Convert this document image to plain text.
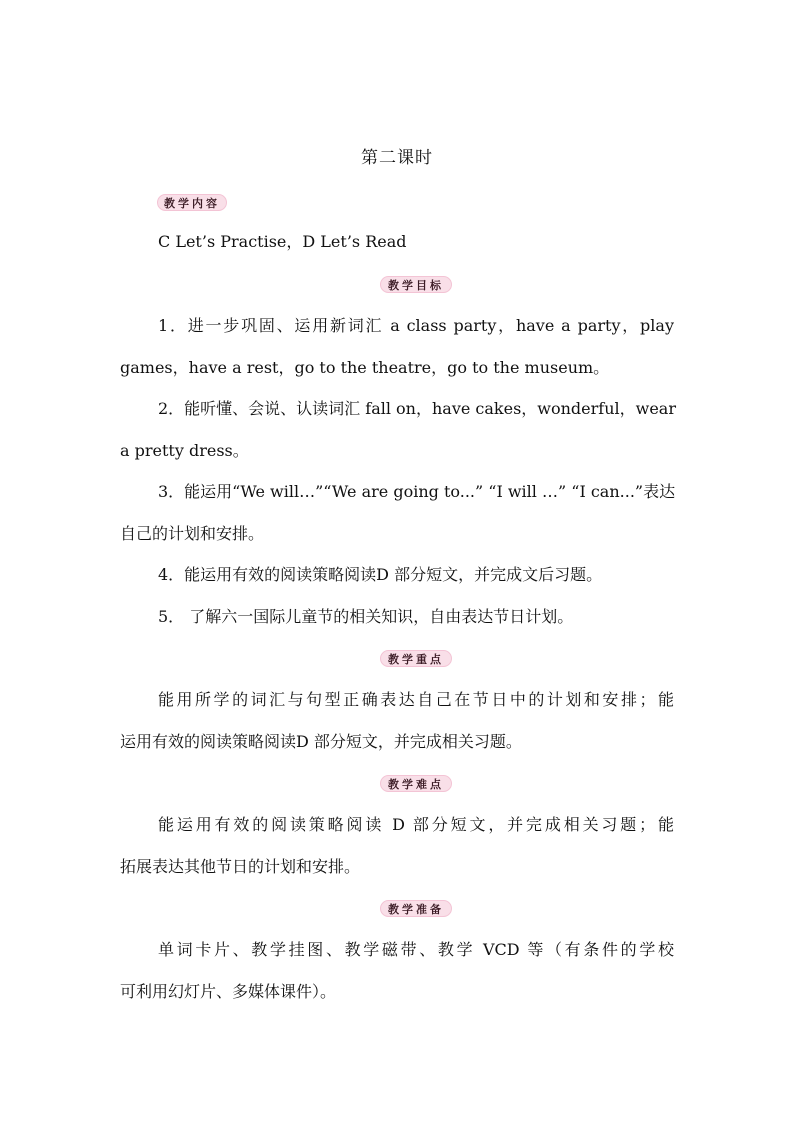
第二课时
教学内容
C Let’s Practise，D Let’s Read
教学目标
1．进一步巩固、运用新词汇 a class party，have a party，play
games，have a rest，go to the theatre，go to the museum。
2．能听懂、会说、认读词汇 fall on，have cakes，wonderful，wear
a pretty dress。
3．能运用“We will…”“We are going to...” “I will …” “I can...”表达
自己的计划和安排。
4．能运用有效的阅读策略阅读D 部分短文，并完成文后习题。
5． 了解六一国际儿童节的相关知识，自由表达节日计划。
教学重点
能用所学的词汇与句型正确表达自己在节日中的计划和安排；能
运用有效的阅读策略阅读D 部分短文，并完成相关习题。
教学难点
能运用有效的阅读策略阅读 D 部分短文，并完成相关习题；能
拓展表达其他节日的计划和安排。
教学准备
单词卡片、教学挂图、教学磁带、教学 VCD 等（有条件的学校
可利用幻灯片、多媒体课件）。
